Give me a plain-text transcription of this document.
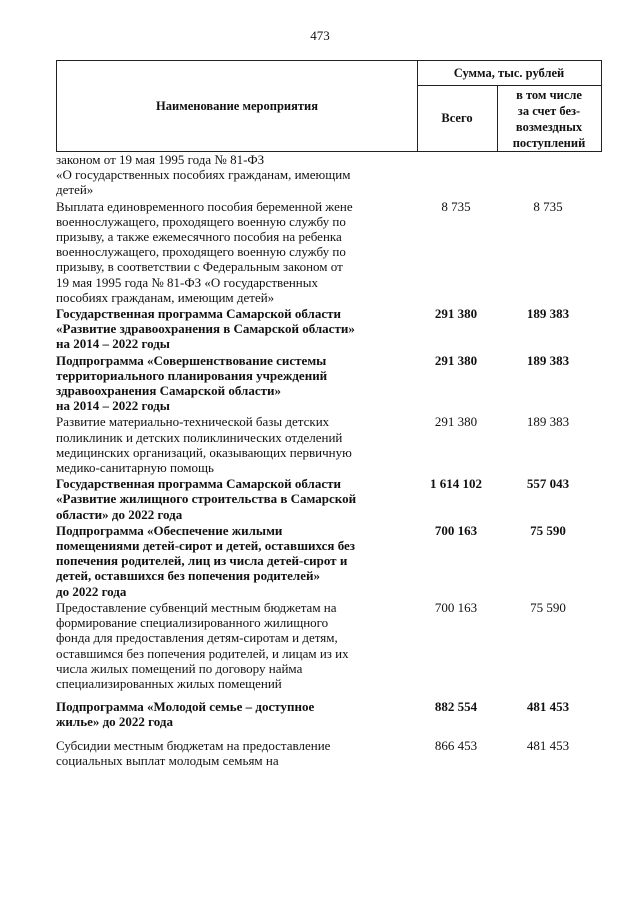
473
Наименование мероприятия
Сумма, тыс. рублей
Всего
в том числе
за счет без-
возмездных
поступлений
законом от 19 мая 1995 года № 81-ФЗ
«О государственных пособиях гражданам, имеющим
детей»
Выплата единовременного пособия беременной жене
военнослужащего, проходящего военную службу по
призыву, а также ежемесячного пособия на ребенка
военнослужащего, проходящего военную службу по
призыву, в соответствии с Федеральным законом от
19 мая 1995 года № 81-ФЗ «О государственных
пособиях гражданам, имеющим детей»
8 735	8 735
Государственная программа Самарской области
«Развитие здравоохранения в Самарской области»
на 2014 – 2022 годы
291 380	189 383
Подпрограмма «Совершенствование системы
территориального планирования учреждений
здравоохранения Самарской области»
на 2014 – 2022 годы
291 380	189 383
Развитие материально-технической базы детских
поликлиник и детских поликлинических отделений
медицинских организаций, оказывающих первичную
медико-санитарную помощь
291 380	189 383
Государственная программа Самарской области
«Развитие жилищного строительства в Самарской
области» до 2022 года
1 614 102	557 043
Подпрограмма «Обеспечение жилыми
помещениями детей-сирот и детей, оставшихся без
попечения родителей, лиц из числа детей-сирот и
детей, оставшихся без попечения родителей»
до 2022 года
700 163	75 590
Предоставление субвенций местным бюджетам на
формирование специализированного жилищного
фонда для предоставления детям-сиротам и детям,
оставшимся без попечения родителей, и лицам из их
числа жилых помещений по договору найма
специализированных жилых помещений
700 163	75 590
Подпрограмма «Молодой семье – доступное
жилье» до 2022 года
882 554	481 453
Субсидии местным бюджетам на предоставление
социальных выплат молодым семьям на
866 453	481 453
